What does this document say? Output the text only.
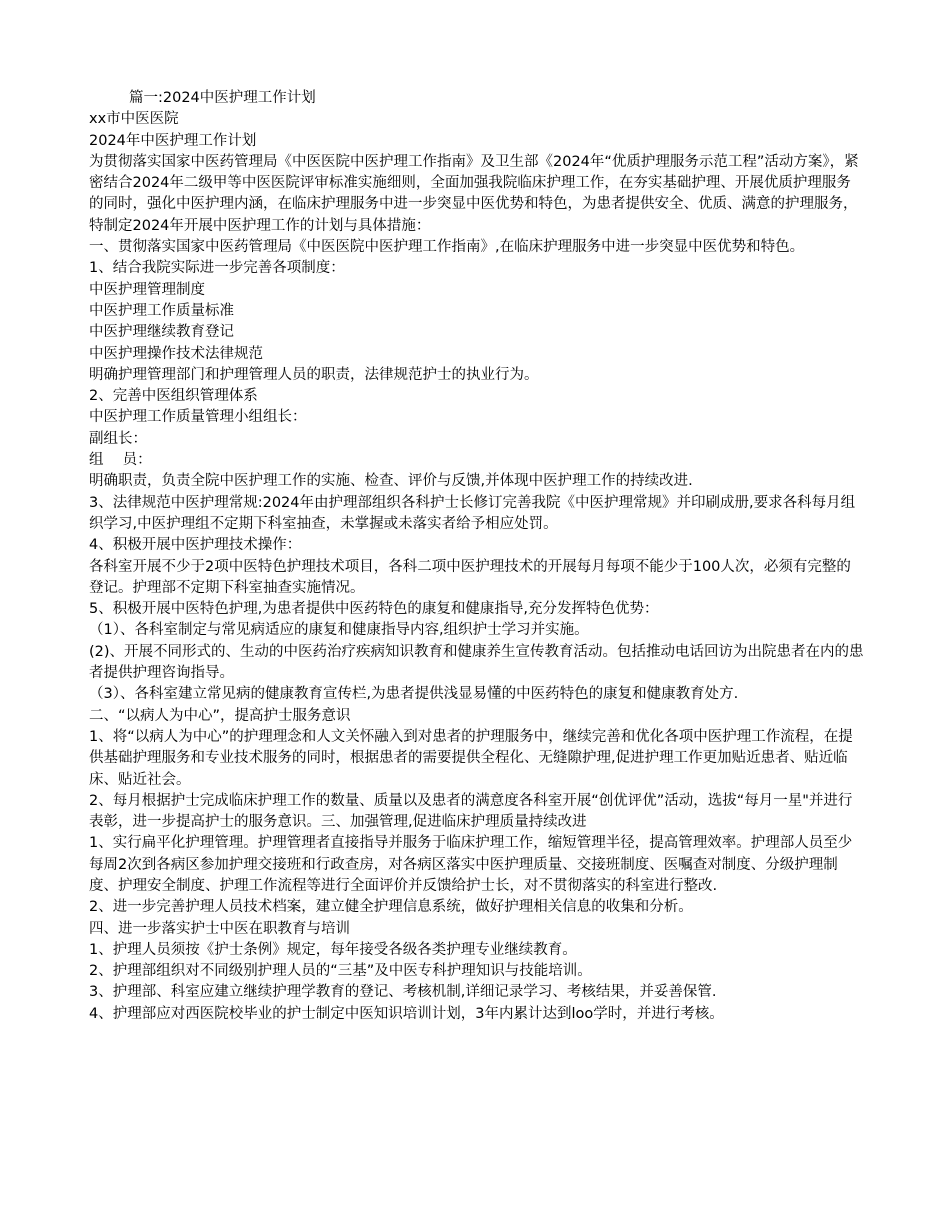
篇一:2024中医护理工作计划

xx市中医医院

2024年中医护理工作计划

为贯彻落实国家中医药管理局《中医医院中医护理工作指南》及卫生部《2024年“优质护理服务示范工程”活动方案》，紧密结合2024年二级甲等中医医院评审标准实施细则，全面加强我院临床护理工作，在夯实基础护理、开展优质护理服务的同时，强化中医护理内涵，在临床护理服务中进一步突显中医优势和特色，为患者提供安全、优质、满意的护理服务，特制定2024年开展中医护理工作的计划与具体措施：

一、贯彻落实国家中医药管理局《中医医院中医护理工作指南》,在临床护理服务中进一步突显中医优势和特色。

1、结合我院实际进一步完善各项制度：

中医护理管理制度

中医护理工作质量标准

中医护理继续教育登记

中医护理操作技术法律规范

明确护理管理部门和护理管理人员的职责，法律规范护士的执业行为。

2、完善中医组织管理体系

中医护理工作质量管理小组组长：

副组长：

组　 员：

明确职责，负责全院中医护理工作的实施、检查、评价与反馈,并体现中医护理工作的持续改进.

3、法律规范中医护理常规:2024年由护理部组织各科护士长修订完善我院《中医护理常规》并印刷成册,要求各科每月组织学习,中医护理组不定期下科室抽查，未掌握或未落实者给予相应处罚。

4、积极开展中医护理技术操作：

各科室开展不少于2项中医特色护理技术项目，各科二项中医护理技术的开展每月每项不能少于100人次，必须有完整的登记。护理部不定期下科室抽查实施情况。

5、积极开展中医特色护理,为患者提供中医药特色的康复和健康指导,充分发挥特色优势：

（1）、各科室制定与常见病适应的康复和健康指导内容,组织护士学习并实施。

(2)、开展不同形式的、生动的中医药治疗疾病知识教育和健康养生宣传教育活动。包括推动电话回访为出院患者在内的患者提供护理咨询指导。

（3）、各科室建立常见病的健康教育宣传栏,为患者提供浅显易懂的中医药特色的康复和健康教育处方.

二、“以病人为中心”，提高护士服务意识

1、将“以病人为中心”的护理理念和人文关怀融入到对患者的护理服务中，继续完善和优化各项中医护理工作流程，在提供基础护理服务和专业技术服务的同时，根据患者的需要提供全程化、无缝隙护理,促进护理工作更加贴近患者、贴近临床、贴近社会。

2、每月根据护士完成临床护理工作的数量、质量以及患者的满意度各科室开展“创优评优”活动，选拔“每月一星"并进行表彰，进一步提高护士的服务意识。三、加强管理,促进临床护理质量持续改进

1、实行扁平化护理管理。护理管理者直接指导并服务于临床护理工作，缩短管理半径，提高管理效率。护理部人员至少每周2次到各病区参加护理交接班和行政查房，对各病区落实中医护理质量、交接班制度、医嘱查对制度、分级护理制度、护理安全制度、护理工作流程等进行全面评价并反馈给护士长，对不贯彻落实的科室进行整改.

2、进一步完善护理人员技术档案，建立健全护理信息系统，做好护理相关信息的收集和分析。

四、进一步落实护士中医在职教育与培训

1、护理人员须按《护士条例》规定，每年接受各级各类护理专业继续教育。

2、护理部组织对不同级别护理人员的“三基”及中医专科护理知识与技能培训。

3、护理部、科室应建立继续护理学教育的登记、考核机制,详细记录学习、考核结果，并妥善保管.

4、护理部应对西医院校毕业的护士制定中医知识培训计划，3年内累计达到loo学时，并进行考核。
